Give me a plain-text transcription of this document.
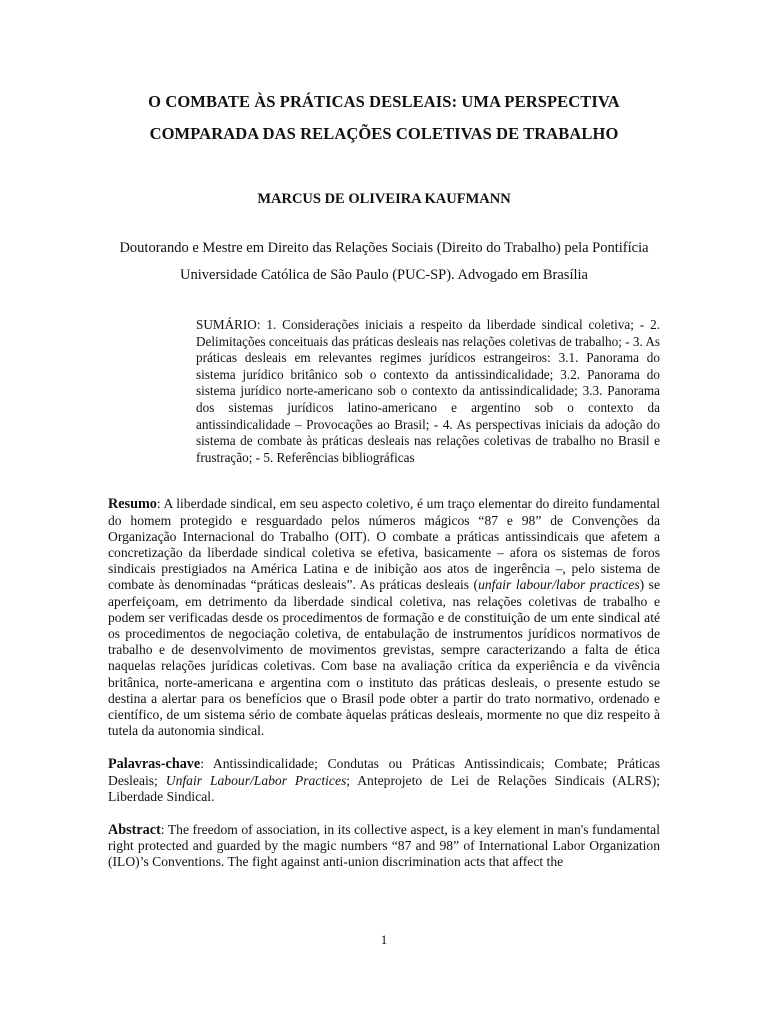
O COMBATE ÀS PRÁTICAS DESLEAIS: UMA PERSPECTIVA
COMPARADA DAS RELAÇÕES COLETIVAS DE TRABALHO

MARCUS DE OLIVEIRA KAUFMANN

Doutorando e Mestre em Direito das Relações Sociais (Direito do Trabalho) pela Pontifícia
Universidade Católica de São Paulo (PUC-SP). Advogado em Brasília

SUMÁRIO: 1. Considerações iniciais a respeito da liberdade sindical coletiva; - 2. Delimitações conceituais das práticas desleais nas relações coletivas de trabalho; - 3. As práticas desleais em relevantes regimes jurídicos estrangeiros: 3.1. Panorama do sistema jurídico britânico sob o contexto da antissindicalidade; 3.2. Panorama do sistema jurídico norte-americano sob o contexto da antissindicalidade; 3.3. Panorama dos sistemas jurídicos latino-americano e argentino sob o contexto da antissindicalidade – Provocações ao Brasil; - 4. As perspectivas iniciais da adoção do sistema de combate às práticas desleais nas relações coletivas de trabalho no Brasil e frustração; - 5. Referências bibliográficas

Resumo: A liberdade sindical, em seu aspecto coletivo, é um traço elementar do direito fundamental do homem protegido e resguardado pelos números mágicos “87 e 98” de Convenções da Organização Internacional do Trabalho (OIT). O combate a práticas antissindicais que afetem a concretização da liberdade sindical coletiva se efetiva, basicamente – afora os sistemas de foros sindicais prestigiados na América Latina e de inibição aos atos de ingerência –, pelo sistema de combate às denominadas “práticas desleais”. As práticas desleais (unfair labour/labor practices) se aperfeiçoam, em detrimento da liberdade sindical coletiva, nas relações coletivas de trabalho e podem ser verificadas desde os procedimentos de formação e de constituição de um ente sindical até os procedimentos de negociação coletiva, de entabulação de instrumentos jurídicos normativos de trabalho e de desenvolvimento de movimentos grevistas, sempre caracterizando a falta de ética naquelas relações jurídicas coletivas. Com base na avaliação crítica da experiência e da vivência britânica, norte-americana e argentina com o instituto das práticas desleais, o presente estudo se destina a alertar para os benefícios que o Brasil pode obter a partir do trato normativo, ordenado e científico, de um sistema sério de combate àquelas práticas desleais, mormente no que diz respeito à tutela da autonomia sindical.

Palavras-chave: Antissindicalidade; Condutas ou Práticas Antissindicais; Combate; Práticas Desleais; Unfair Labour/Labor Practices; Anteprojeto de Lei de Relações Sindicais (ALRS); Liberdade Sindical.

Abstract: The freedom of association, in its collective aspect, is a key element in man's fundamental right protected and guarded by the magic numbers “87 and 98” of International Labor Organization (ILO)’s Conventions. The fight against anti-union discrimination acts that affect the

1
